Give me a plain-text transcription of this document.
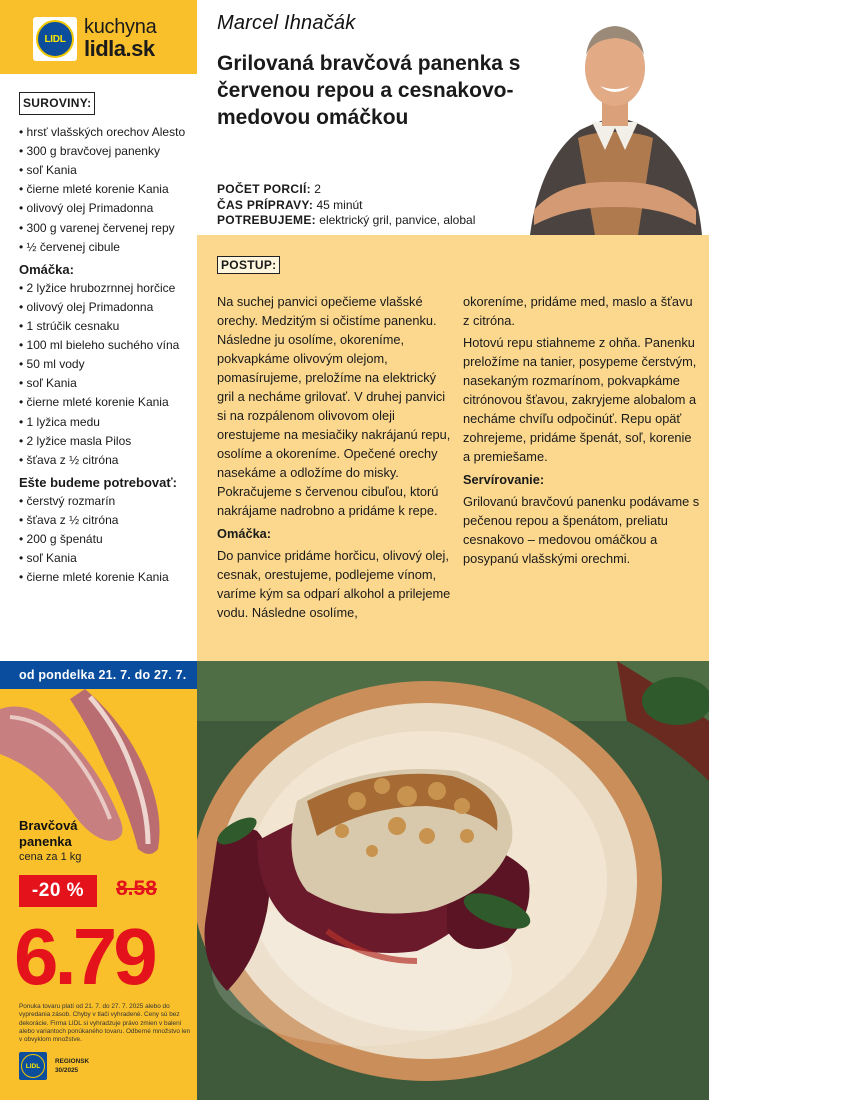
LIDL
kuchyna
lidla.sk
SUROVINY:
• hrsť vlašských orechov Alesto
• 300 g bravčovej panenky
• soľ Kania
• čierne mleté korenie Kania
• olivový olej Primadonna
• 300 g varenej červenej repy
• ½ červenej cibule
Omáčka:
• 2 lyžice hrubozrnnej horčice
• olivový olej Primadonna
• 1 strúčik cesnaku
• 100 ml bieleho suchého vína
• 50 ml vody
• soľ Kania
• čierne mleté korenie Kania
• 1 lyžica medu
• 2 lyžice masla Pilos
• šťava z ½ citróna
Ešte budeme potrebovať:
• čerstvý rozmarín
• šťava z ½ citróna
• 200 g špenátu
• soľ Kania
• čierne mleté korenie Kania
Marcel Ihnačák
Grilovaná bravčová panenka s červenou repou a cesnakovo-medovou omáčkou
POČET PORCIÍ: 2
ČAS PRÍPRAVY: 45 minút
POTREBUJEME: elektrický gril, panvice, alobal
POSTUP:

Na suchej panvici opečieme vlašské orechy. Medzitým si očistíme panenku. Následne ju osolíme, okoreníme, pokvapkáme olivovým olejom, pomasírujeme, preložíme na elektrický gril a necháme grilovať. V druhej panvici si na rozpálenom olivovom oleji orestujeme na mesiačiky nakrájanú repu, osolíme a okoreníme. Opečené orechy nasekáme a odložíme do misky. Pokračujeme s červenou cibuľou, ktorú nakrájame nadrobno a pridáme k repe.

Omáčka:

Do panvice pridáme horčicu, olivový olej, cesnak, orestujeme, podlejeme vínom, varíme kým sa odparí alkohol a prilejeme vodu. Následne osolíme,

okoreníme, pridáme med, maslo a šťavu z citróna.

Hotovú repu stiahneme z ohňa. Panenku preložíme na tanier, posypeme čerstvým, nasekaným rozmarínom, pokvapkáme citrónovou šťavou, zakryjeme alobalom a necháme chvíľu odpočinúť. Repu opäť zohrejeme, pridáme špenát, soľ, korenie a premiešame.

Servírovanie:

Grilovanú bravčovú panenku podávame s pečenou repou a špenátom, preliatu cesnakovo – medovou omáčkou a posypanú vlašskými orechmi.

od pondelka 21. 7. do 27. 7.
Bravčová
panenka
cena za 1 kg
-20 %	8.58
6.79
Ponuka tovaru platí od 21. 7. do 27. 7. 2025 alebo do vypredania zásob. Chyby v tlači vyhradené. Ceny sú bez dekorácie. Firma LIDL si vyhradzuje právo zmien v balení alebo variantoch ponúkaného tovaru. Odberné množstvo len v obvyklom množstve.
LIDL
REGIONSK
30/2025
